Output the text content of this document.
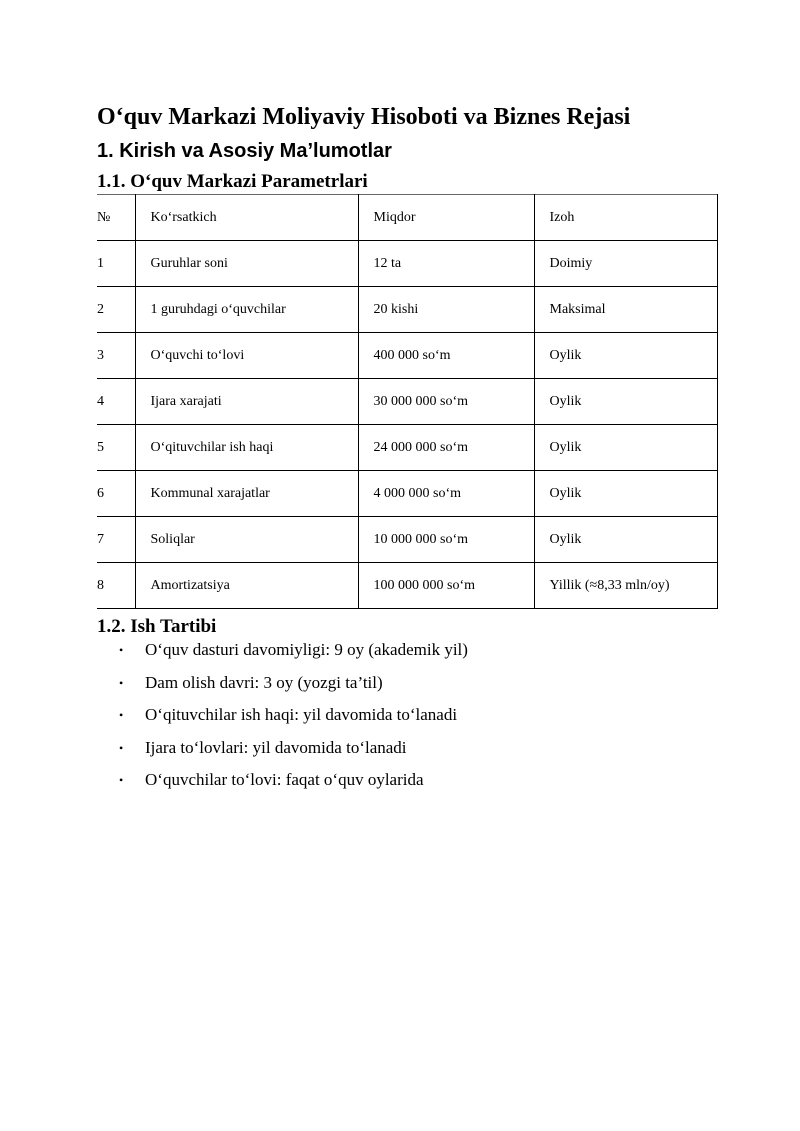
O‘quv Markazi Moliyaviy Hisoboti va Biznes Rejasi
1. Kirish va Asosiy Ma’lumotlar
1.1. O‘quv Markazi Parametrlari
№	Ko‘rsatkich	Miqdor	Izoh
1	Guruhlar soni	12 ta	Doimiy
2	1 guruhdagi o‘quvchilar	20 kishi	Maksimal
3	O‘quvchi to‘lovi	400 000 so‘m	Oylik
4	Ijara xarajati	30 000 000 so‘m	Oylik
5	O‘qituvchilar ish haqi	24 000 000 so‘m	Oylik
6	Kommunal xarajatlar	4 000 000 so‘m	Oylik
7	Soliqlar	10 000 000 so‘m	Oylik
8	Amortizatsiya	100 000 000 so‘m	Yillik (≈8,33 mln/oy)
1.2. Ish Tartibi
• O‘quv dasturi davomiyligi: 9 oy (akademik yil)
• Dam olish davri: 3 oy (yozgi ta’til)
• O‘qituvchilar ish haqi: yil davomida to‘lanadi
• Ijara to‘lovlari: yil davomida to‘lanadi
• O‘quvchilar to‘lovi: faqat o‘quv oylarida
